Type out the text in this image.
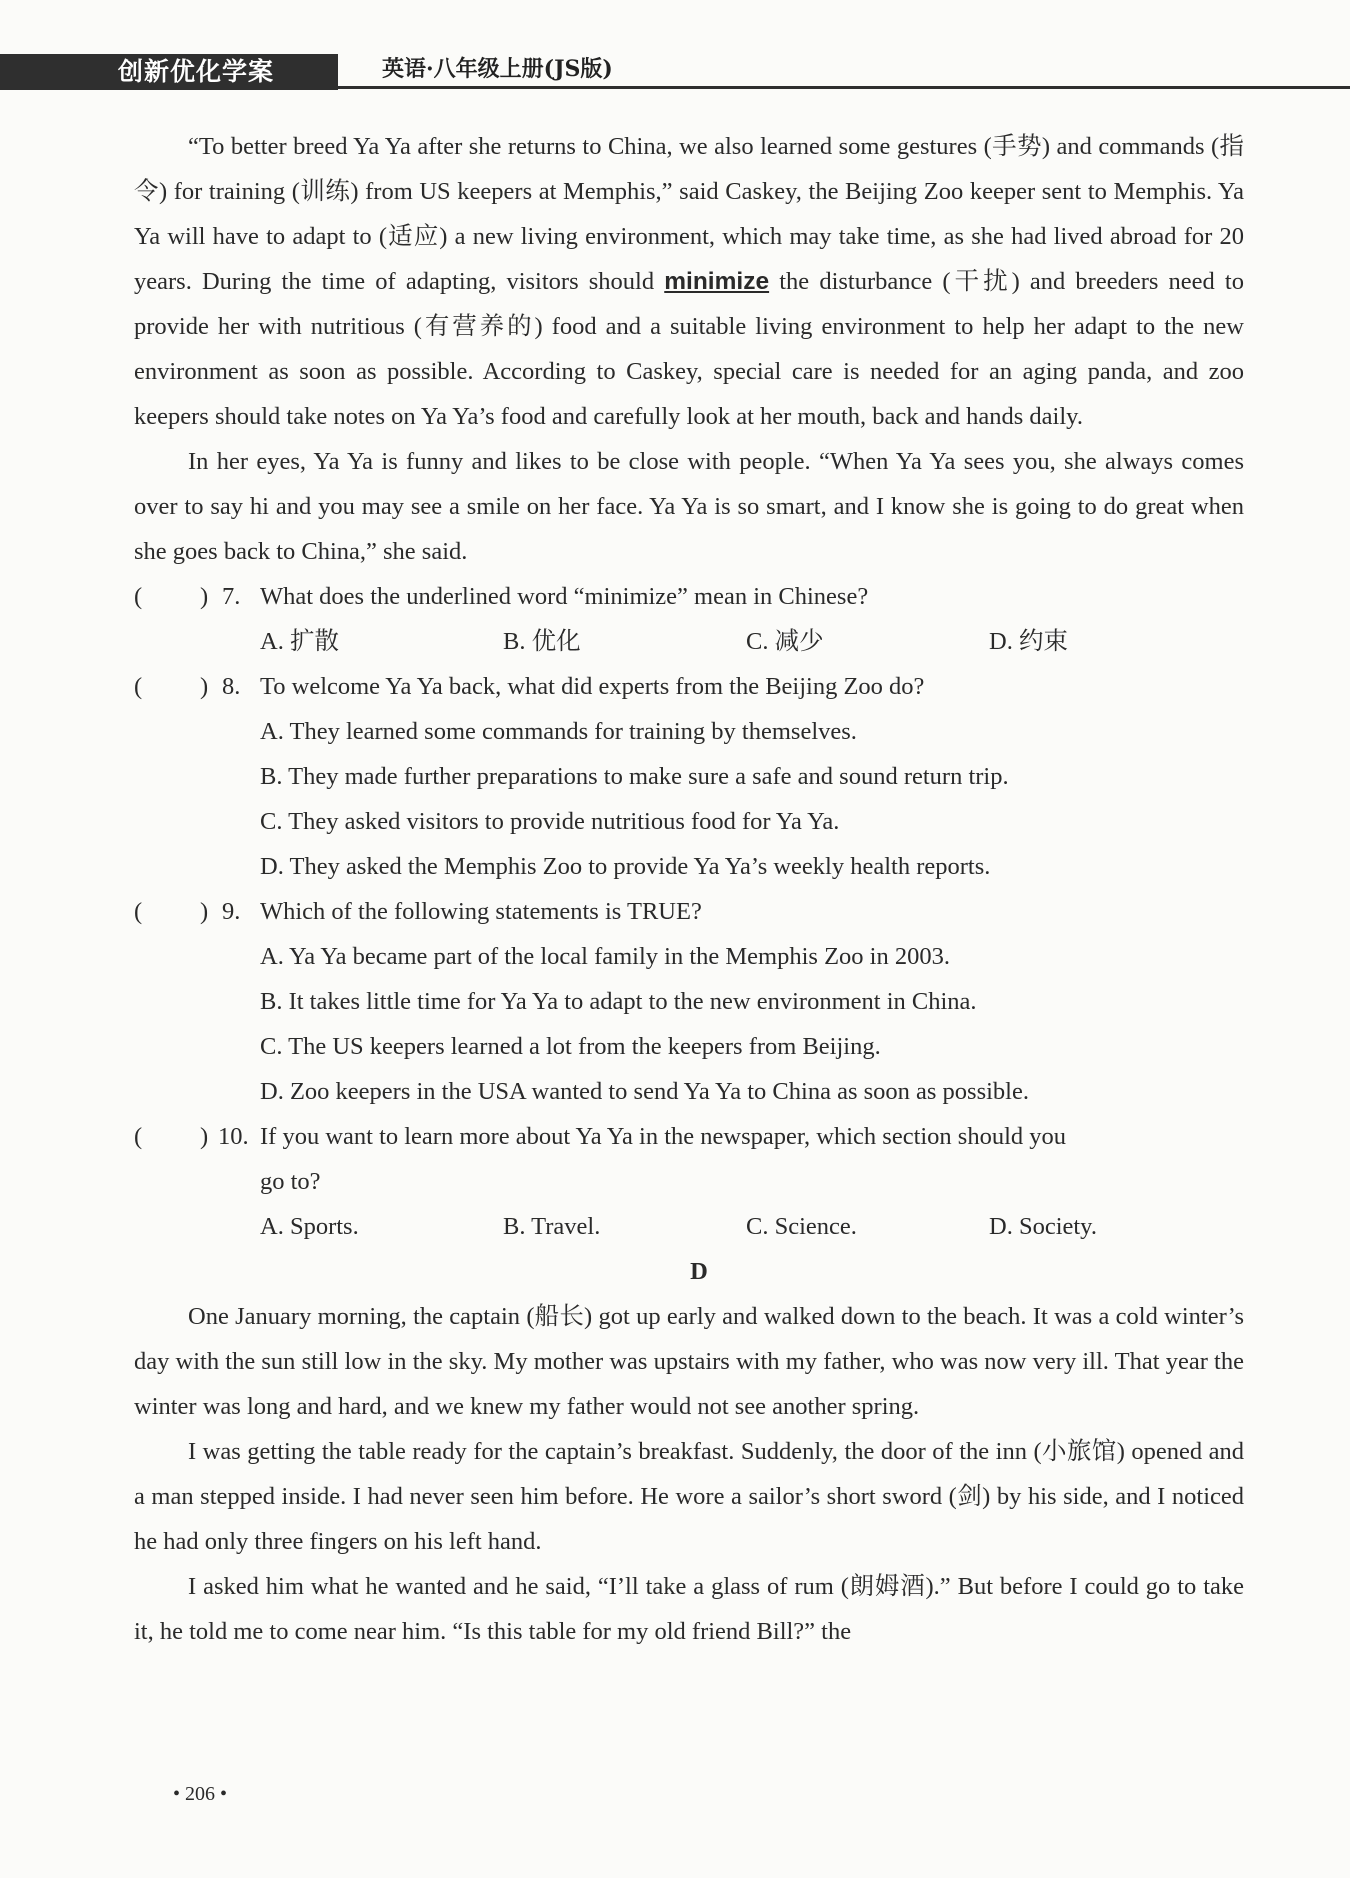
创新优化学案	英语·八年级上册(JS版)

“To better breed Ya Ya after she returns to China, we also learned some gestures (手势) and commands (指令) for training (训练) from US keepers at Memphis,” said Caskey, the Beijing Zoo keeper sent to Memphis. Ya Ya will have to adapt to (适应) a new living environment, which may take time, as she had lived abroad for 20 years. During the time of adapting, visitors should minimize the disturbance (干扰) and breeders need to provide her with nutritious (有营养的) food and a suitable living environment to help her adapt to the new environment as soon as possible. According to Caskey, special care is needed for an aging panda, and zoo keepers should take notes on Ya Ya’s food and carefully look at her mouth, back and hands daily.

In her eyes, Ya Ya is funny and likes to be close with people. “When Ya Ya sees you, she always comes over to say hi and you may see a smile on her face. Ya Ya is so smart, and I know she is going to do great when she goes back to China,” she said.

( ) 7. What does the underlined word “minimize” mean in Chinese?

A. 扩散	B. 优化	C. 减少	D. 约束

( ) 8. To welcome Ya Ya back, what did experts from the Beijing Zoo do?

A. They learned some commands for training by themselves.

B. They made further preparations to make sure a safe and sound return trip.

C. They asked visitors to provide nutritious food for Ya Ya.

D. They asked the Memphis Zoo to provide Ya Ya’s weekly health reports.

( ) 9. Which of the following statements is TRUE?

A. Ya Ya became part of the local family in the Memphis Zoo in 2003.

B. It takes little time for Ya Ya to adapt to the new environment in China.

C. The US keepers learned a lot from the keepers from Beijing.

D. Zoo keepers in the USA wanted to send Ya Ya to China as soon as possible.

( ) 10. If you want to learn more about Ya Ya in the newspaper, which section should you

go to?

A. Sports.	B. Travel.	C. Science.	D. Society.

D

One January morning, the captain (船长) got up early and walked down to the beach. It was a cold winter’s day with the sun still low in the sky. My mother was upstairs with my father, who was now very ill. That year the winter was long and hard, and we knew my father would not see another spring.

I was getting the table ready for the captain’s breakfast. Suddenly, the door of the inn (小旅馆) opened and a man stepped inside. I had never seen him before. He wore a sailor’s short sword (剑) by his side, and I noticed he had only three fingers on his left hand.

I asked him what he wanted and he said, “I’ll take a glass of rum (朗姆酒).” But before I could go to take it, he told me to come near him. “Is this table for my old friend Bill?” the

• 206 •
